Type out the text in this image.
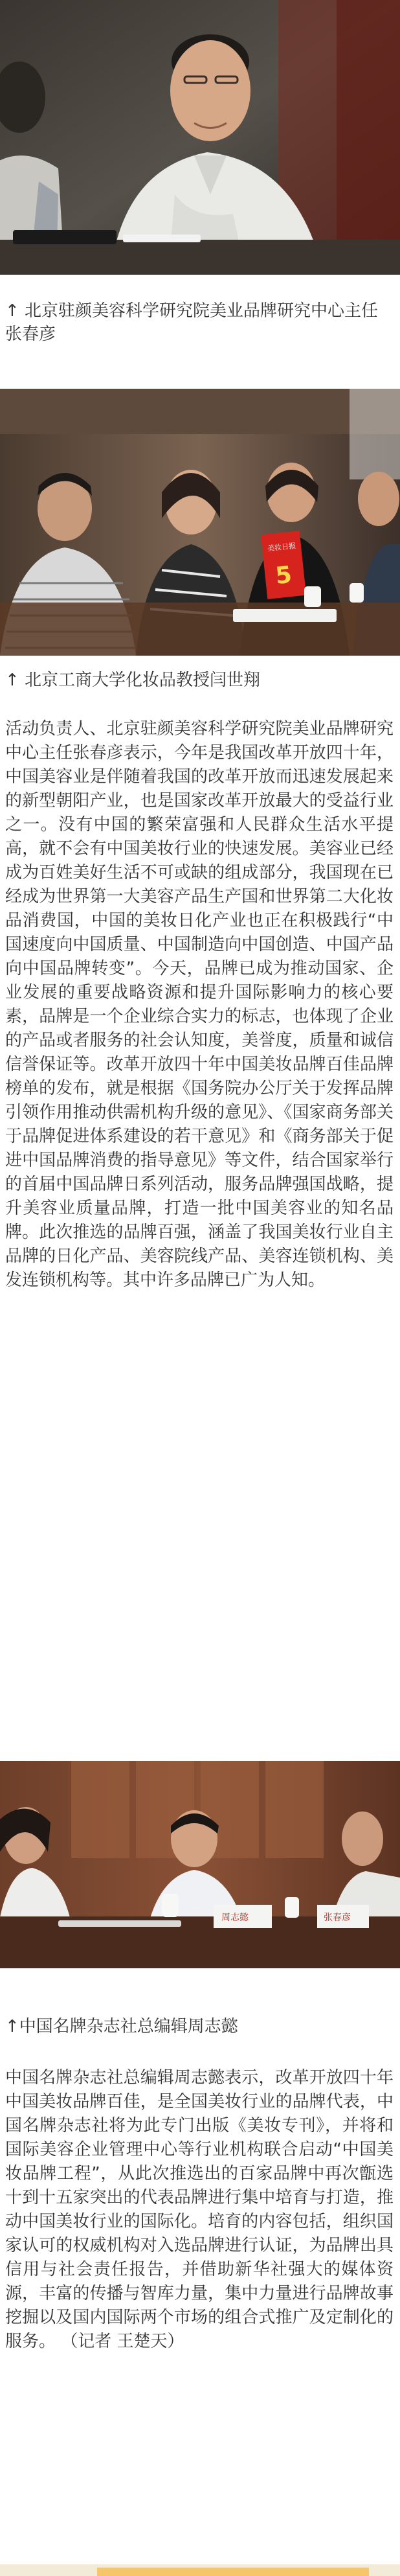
↑ 北京驻颜美容科学研究院美业品牌研究中心主任张春彦

美妆日报
5

↑ 北京工商大学化妆品教授闫世翔

活动负责人、北京驻颜美容科学研究院美业品牌研究中心主任张春彦表示，今年是我国改革开放四十年，中国美容业是伴随着我国的改革开放而迅速发展起来的新型朝阳产业，也是国家改革开放最大的受益行业之一。没有中国的繁荣富强和人民群众生活水平提高，就不会有中国美妆行业的快速发展。美容业已经成为百姓美好生活不可或缺的组成部分，我国现在已经成为世界第一大美容产品生产国和世界第二大化妆品消费国，中国的美妆日化产业也正在积极践行“中国速度向中国质量、中国制造向中国创造、中国产品向中国品牌转变”。今天，品牌已成为推动国家、企业发展的重要战略资源和提升国际影响力的核心要素，品牌是一个企业综合实力的标志，也体现了企业的产品或者服务的社会认知度，美誉度，质量和诚信信誉保证等。改革开放四十年中国美妆品牌百佳品牌榜单的发布，就是根据《国务院办公厅关于发挥品牌引领作用推动供需机构升级的意见》、《国家商务部关于品牌促进体系建设的若干意见》和《商务部关于促进中国品牌消费的指导意见》等文件，结合国家举行的首届中国品牌日系列活动，服务品牌强国战略，提升美容业质量品牌，打造一批中国美容业的知名品牌。此次推选的品牌百强，涵盖了我国美妆行业自主品牌的日化产品、美容院线产品、美容连锁机构、美发连锁机构等。其中许多品牌已广为人知。

周志懿	张春彦

↑中国名牌杂志社总编辑周志懿

中国名牌杂志社总编辑周志懿表示，改革开放四十年中国美妆品牌百佳，是全国美妆行业的品牌代表，中国名牌杂志社将为此专门出版《美妆专刊》，并将和国际美容企业管理中心等行业机构联合启动“中国美妆品牌工程”，从此次推选出的百家品牌中再次甑选十到十五家突出的代表品牌进行集中培育与打造，推动中国美妆行业的国际化。培育的内容包括，组织国家认可的权威机构对入选品牌进行认证，为品牌出具信用与社会责任报告，并借助新华社强大的媒体资源，丰富的传播与智库力量，集中力量进行品牌故事挖掘以及国内国际两个市场的组合式推广及定制化的服务。 （记者 王楚天）
